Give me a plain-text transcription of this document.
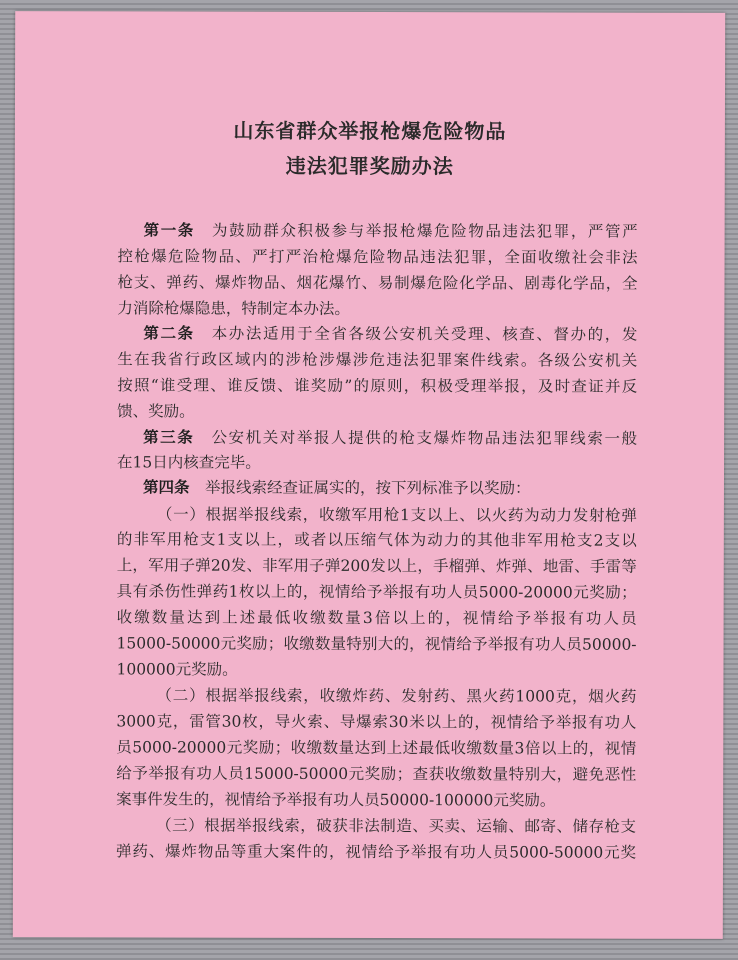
山东省群众举报枪爆危险物品
违法犯罪奖励办法
第一条  为鼓励群众积极参与举报枪爆危险物品违法犯罪，严管严
控枪爆危险物品、严打严治枪爆危险物品违法犯罪，全面收缴社会非法
枪支、弹药、爆炸物品、烟花爆竹、易制爆危险化学品、剧毒化学品，全
力消除枪爆隐患，特制定本办法。
第二条  本办法适用于全省各级公安机关受理、核查、督办的，发
生在我省行政区域内的涉枪涉爆涉危违法犯罪案件线索。各级公安机关
按照“谁受理、谁反馈、谁奖励”的原则，积极受理举报，及时查证并反
馈、奖励。
第三条  公安机关对举报人提供的枪支爆炸物品违法犯罪线索一般
在15日内核查完毕。
第四条  举报线索经查证属实的，按下列标准予以奖励：
（一）根据举报线索，收缴军用枪1支以上、以火药为动力发射枪弹
的非军用枪支1支以上，或者以压缩气体为动力的其他非军用枪支2支以
上，军用子弹20发、非军用子弹200发以上，手榴弹、炸弹、地雷、手雷等
具有杀伤性弹药1枚以上的，视情给予举报有功人员5000-20000元奖励；
收缴数量达到上述最低收缴数量3倍以上的，视情给予举报有功人员
15000-50000元奖励；收缴数量特别大的，视情给予举报有功人员50000-
100000元奖励。
（二）根据举报线索，收缴炸药、发射药、黑火药1000克，烟火药
3000克，雷管30枚，导火索、导爆索30米以上的，视情给予举报有功人
员5000-20000元奖励；收缴数量达到上述最低收缴数量3倍以上的，视情
给予举报有功人员15000-50000元奖励；查获收缴数量特别大，避免恶性
案事件发生的，视情给予举报有功人员50000-100000元奖励。
（三）根据举报线索，破获非法制造、买卖、运输、邮寄、储存枪支
弹药、爆炸物品等重大案件的，视情给予举报有功人员5000-50000元奖
